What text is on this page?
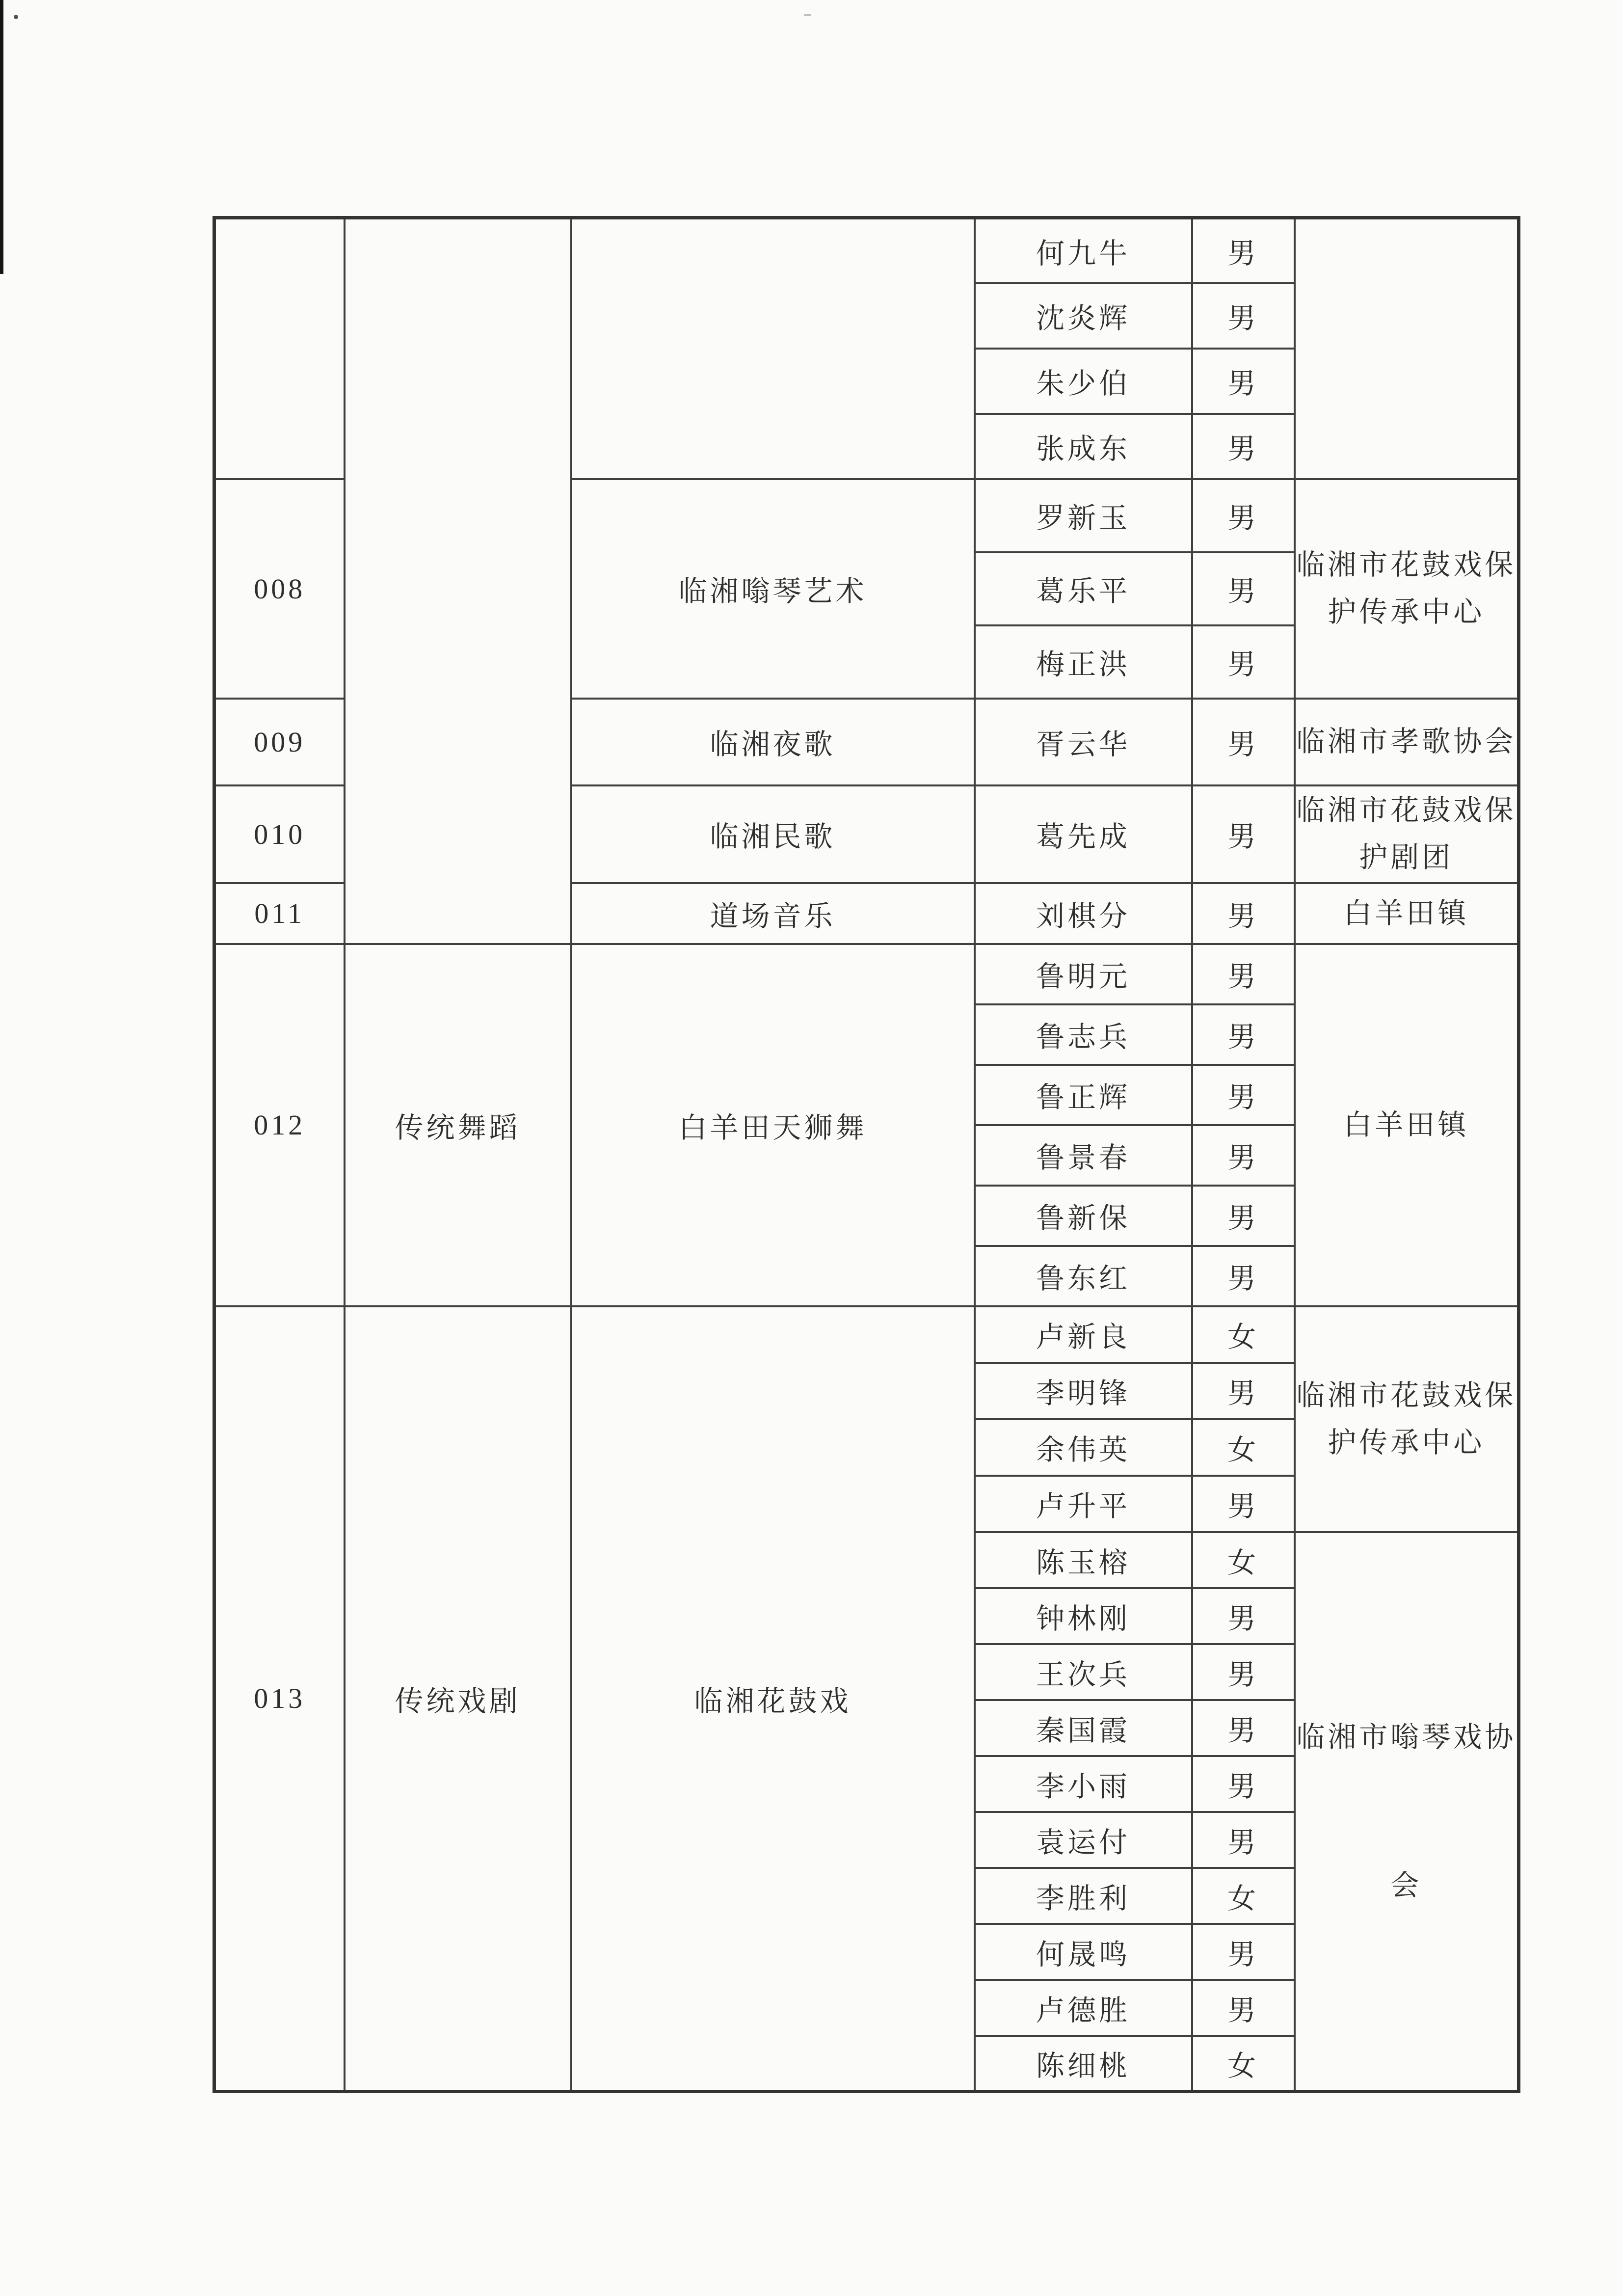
			何九牛	男	
			沈炎辉	男	
			朱少伯	男	
			张成东	男	
008		临湘嗡琴艺术	罗新玉	男	临湘市花鼓戏保护传承中心
			葛乐平	男	
			梅正洪	男	
009		临湘夜歌	胥云华	男	临湘市孝歌协会
010		临湘民歌	葛先成	男	临湘市花鼓戏保护剧团
011		道场音乐	刘棋分	男	白羊田镇
012	传统舞蹈	白羊田天狮舞	鲁明元	男	白羊田镇
			鲁志兵	男	
			鲁正辉	男	
			鲁景春	男	
			鲁新保	男	
			鲁东红	男	
013	传统戏剧	临湘花鼓戏	卢新良	女	临湘市花鼓戏保护传承中心
			李明锋	男	
			余伟英	女	
			卢升平	男	
			陈玉榕	女	临湘市嗡琴戏协会
			钟林刚	男	
			王次兵	男	
			秦国霞	男	
			李小雨	男	
			袁运付	男	
			李胜利	女	
			何晟鸣	男	
			卢德胜	男	
			陈细桃	女	
